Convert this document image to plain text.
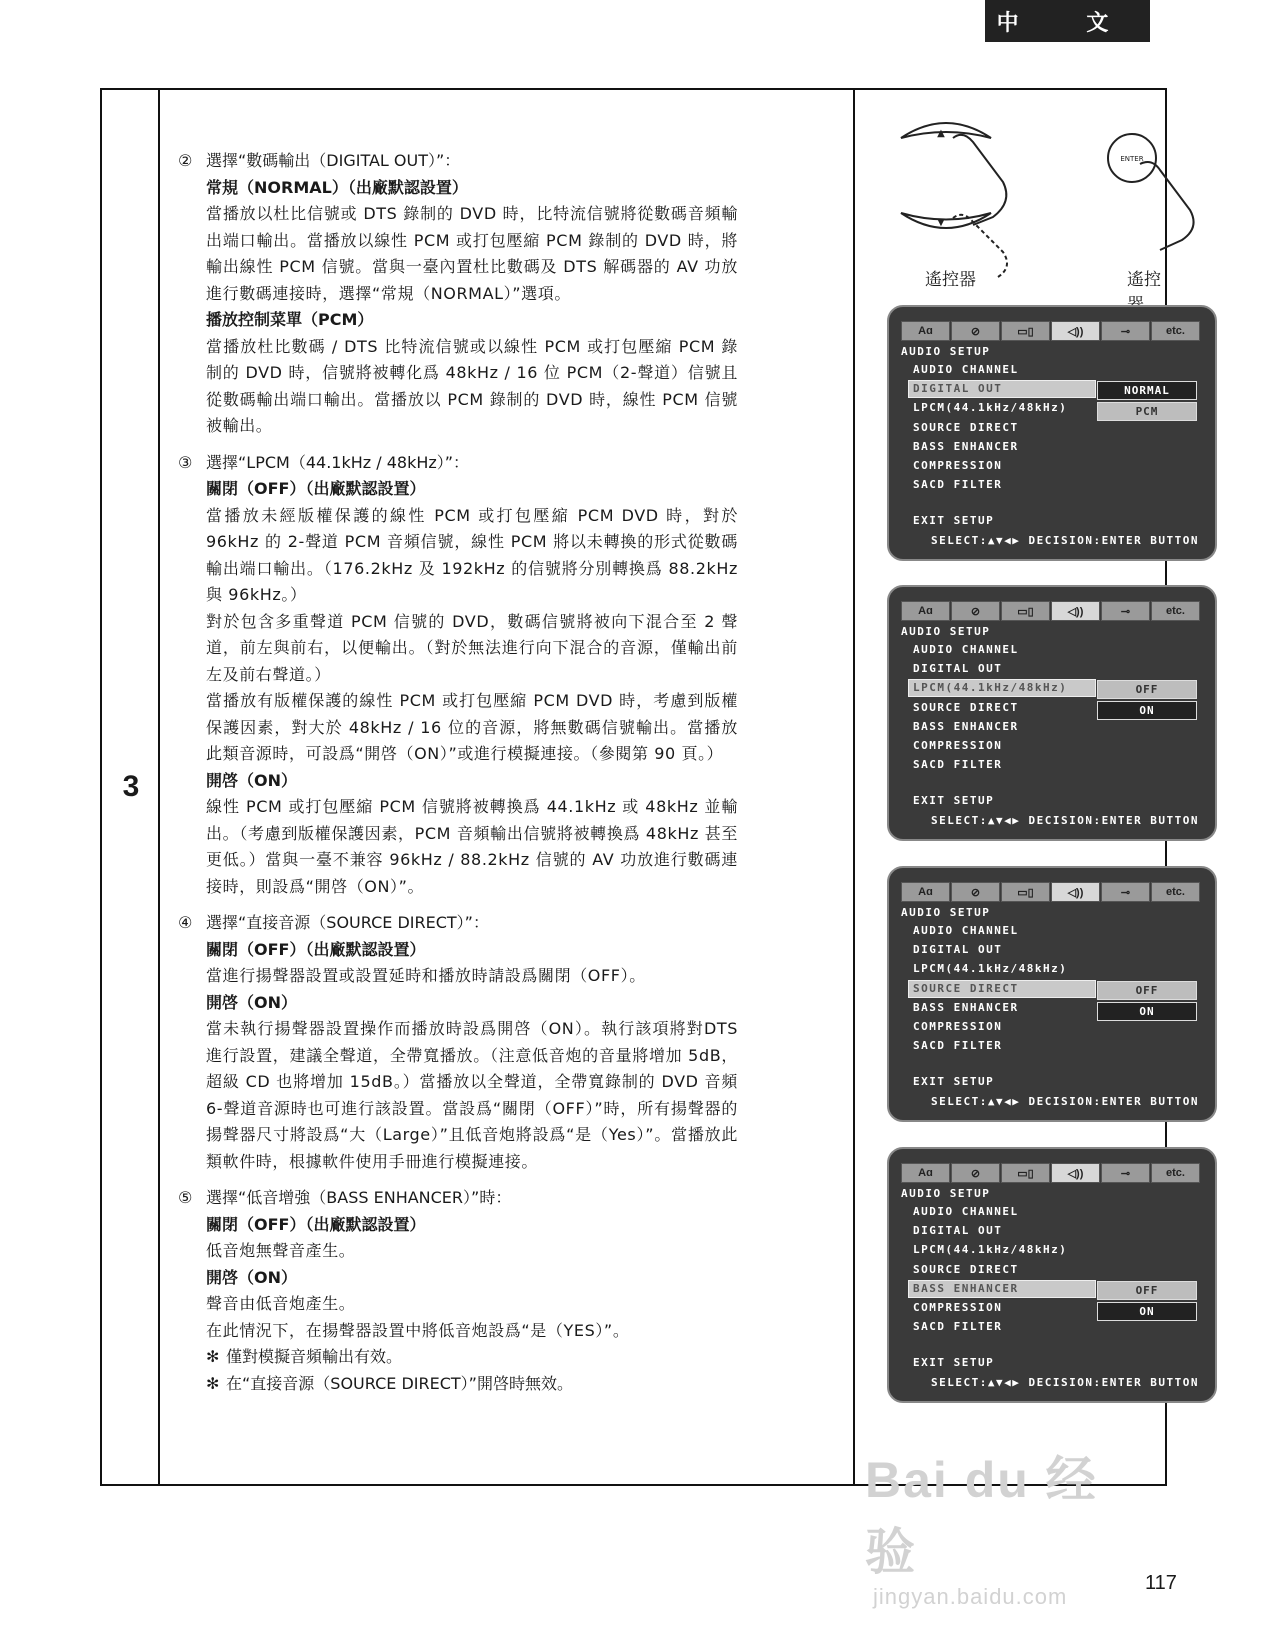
中 文
3
② 選擇“數碼輸出（DIGITAL OUT）”：
常規（NORMAL）（出廠默認設置）

當播放以杜比信號或 DTS 錄制的 DVD 時，比特流信號將從數碼音頻輸出端口輸出。當播放以線性 PCM 或打包壓縮 PCM 錄制的 DVD 時，將輸出線性 PCM 信號。當與一臺內置杜比數碼及 DTS 解碼器的 AV 功放進行數碼連接時，選擇“常規（NORMAL）”選項。

播放控制菜單（PCM）

當播放杜比數碼 / DTS 比特流信號或以線性 PCM 或打包壓縮 PCM 錄制的 DVD 時，信號將被轉化爲 48kHz / 16 位 PCM（2-聲道）信號且從數碼輸出端口輸出。當播放以 PCM 錄制的 DVD 時，線性 PCM 信號被輸出。

③ 選擇“LPCM（44.1kHz / 48kHz）”：
關閉（OFF）（出廠默認設置）

當播放未經版權保護的線性 PCM 或打包壓縮 PCM DVD 時，對於96kHz 的 2-聲道 PCM 音頻信號，線性 PCM 將以未轉換的形式從數碼輸出端口輸出。（176.2kHz 及 192kHz 的信號將分別轉換爲 88.2kHz 與 96kHz。）

對於包含多重聲道 PCM 信號的 DVD，數碼信號將被向下混合至 2 聲道，前左與前右，以便輸出。（對於無法進行向下混合的音源，僅輸出前左及前右聲道。）

當播放有版權保護的線性 PCM 或打包壓縮 PCM DVD 時，考慮到版權保護因素，對大於 48kHz / 16 位的音源，將無數碼信號輸出。當播放此類音源時，可設爲“開啓（ON）”或進行模擬連接。（參閱第 90 頁。）

開啓（ON）

線性 PCM 或打包壓縮 PCM 信號將被轉換爲 44.1kHz 或 48kHz 並輸出。（考慮到版權保護因素，PCM 音頻輸出信號將被轉換爲 48kHz 甚至更低。）當與一臺不兼容 96kHz / 88.2kHz 信號的 AV 功放進行數碼連接時，則設爲“開啓（ON）”。

④ 選擇“直接音源（SOURCE DIRECT）”：
關閉（OFF）（出廠默認設置）

當進行揚聲器設置或設置延時和播放時請設爲關閉（OFF）。

開啓（ON）

當未執行揚聲器設置操作而播放時設爲開啓（ON）。執行該項將對DTS 進行設置，建議全聲道，全帶寬播放。（注意低音炮的音量將增加 5dB，超級 CD 也將增加 15dB。）當播放以全聲道，全帶寬錄制的 DVD 音頻 6-聲道音源時也可進行該設置。當設爲“關閉（OFF）”時，所有揚聲器的揚聲器尺寸將設爲“大（Large）”且低音炮將設爲“是（Yes）”。當播放此類軟件時，根據軟件使用手冊進行模擬連接。

⑤ 選擇“低音增強（BASS ENHANCER）”時：
關閉（OFF）（出廠默認設置）

低音炮無聲音產生。

開啓（ON）

聲音由低音炮產生。

在此情況下，在揚聲器設置中將低音炮設爲“是（YES）”。

✻ 僅對模擬音頻輸出有效。
✻ 在“直接音源（SOURCE DIRECT）”開啓時無效。
▲
▼
遙控器
ENTER
遙控
Aɑ	⊘	▭▯	◁))	⊸	etc.
AUDIO SETUP
AUDIO CHANNEL
DIGITAL OUT	NORMAL
PCM
LPCM(44.1kHz/48kHz)
SOURCE DIRECT
BASS ENHANCER
COMPRESSION
SACD FILTER
EXIT SETUP
SELECT:▲▼◀▶ DECISION:ENTER BUTTON
Aɑ	⊘	▭▯	◁))	⊸	etc.
AUDIO SETUP
AUDIO CHANNEL
DIGITAL OUT
LPCM(44.1kHz/48kHz)	OFF
ON
SOURCE DIRECT
BASS ENHANCER
COMPRESSION
SACD FILTER
EXIT SETUP
SELECT:▲▼◀▶ DECISION:ENTER BUTTON
Aɑ	⊘	▭▯	◁))	⊸	etc.
AUDIO SETUP
AUDIO CHANNEL
DIGITAL OUT
LPCM(44.1kHz/48kHz)
SOURCE DIRECT	OFF
ON
BASS ENHANCER
COMPRESSION
SACD FILTER
EXIT SETUP
SELECT:▲▼◀▶ DECISION:ENTER BUTTON
Aɑ	⊘	▭▯	◁))	⊸	etc.
AUDIO SETUP
AUDIO CHANNEL
DIGITAL OUT
LPCM(44.1kHz/48kHz)
SOURCE DIRECT
BASS ENHANCER	OFF
ON
COMPRESSION
SACD FILTER
EXIT SETUP
SELECT:▲▼◀▶ DECISION:ENTER BUTTON
Bai du 经验
jingyan.baidu.com
117
